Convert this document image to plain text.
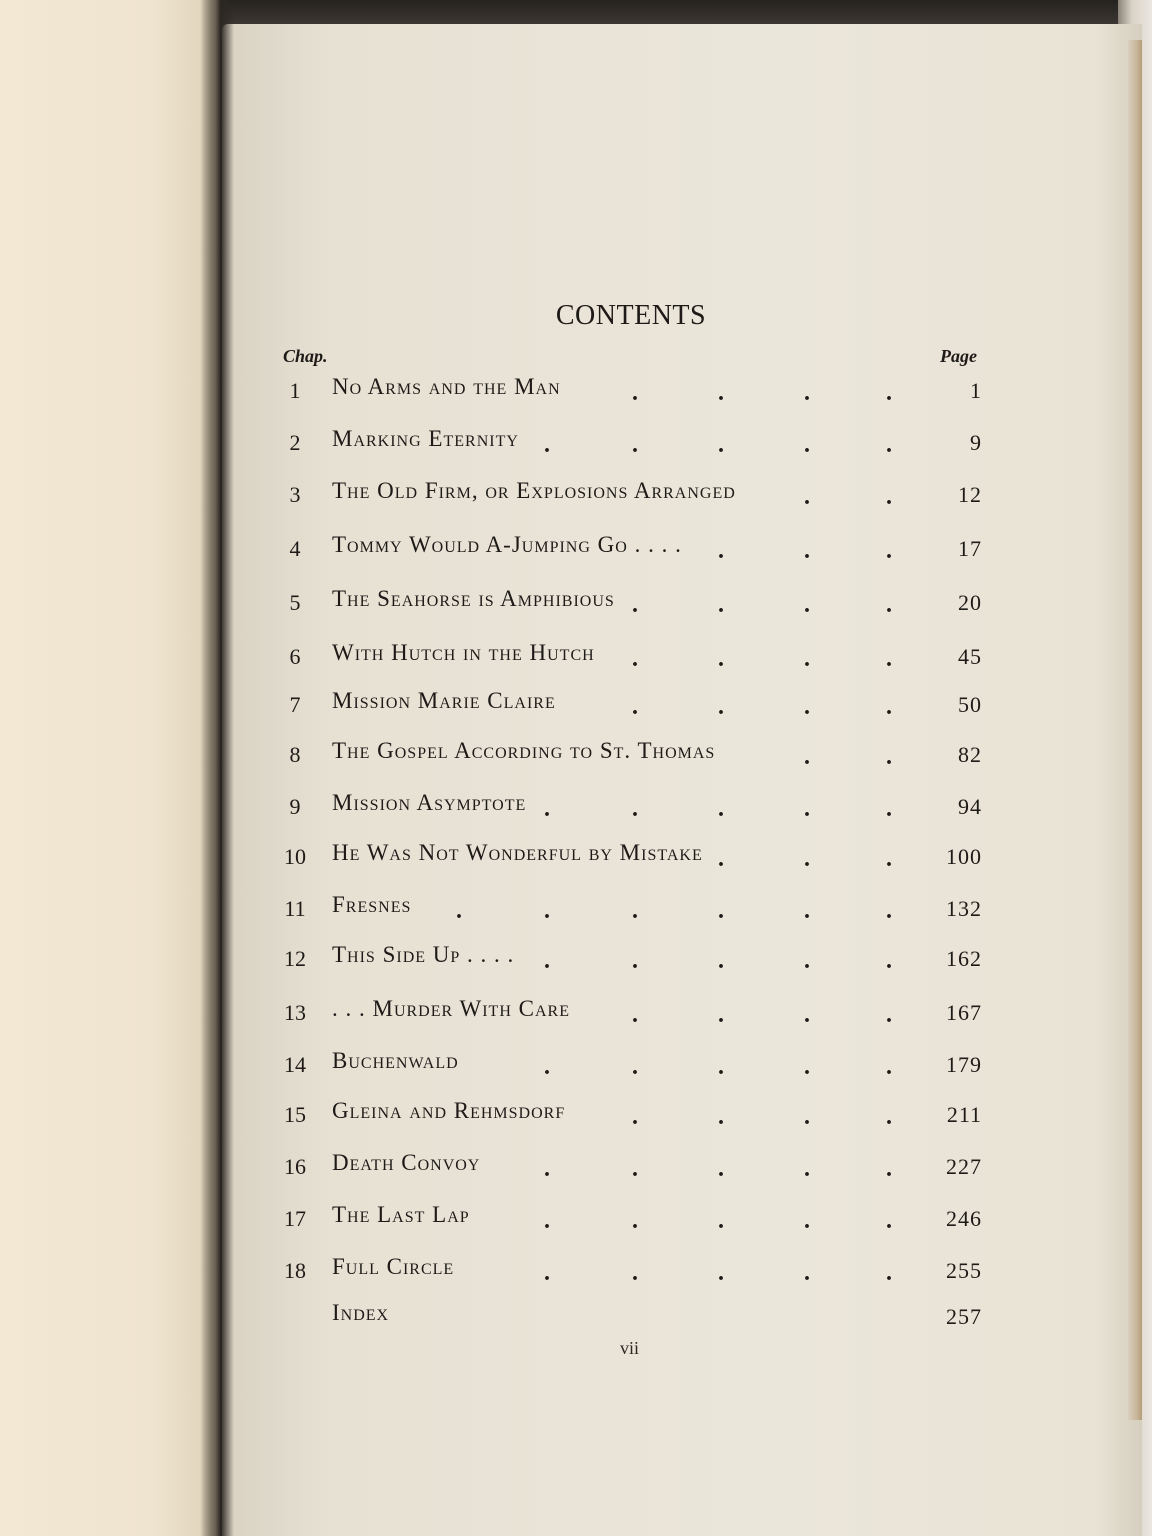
CONTENTS
Chap.	Page
1	No Arms and the Man	.	.	.	.	1
2	Marking Eternity .	.	.	.	.	9
3	The Old Firm, or Explosions Arranged	.	.	12
4	Tommy Would A-Jumping Go . . . . .	.	.	17
5	The Seahorse is Amphibious .	.	.	.	20
6	With Hutch in the Hutch .	.	.	.	45
7	Mission Marie Claire	.	.	.	.	50
8	The Gospel According to St. Thomas	.	.	82
9	Mission Asymptote .	.	.	.	.	94
10	He Was Not Wonderful by Mistake .	.	. 100
11	Fresnes .	.	.	.	.	. 132
12	This Side Up . . . . .	.	.	.	. 162
13	. . . Murder With Care	.	.	.	. 167
14	Buchenwald	.	.	.	.	. 179
15	Gleina and Rehmsdorf	.	.	.	. 211
16	Death Convoy	.	.	.	.	. 227
17	The Last Lap	.	.	.	.	. 246
18	Full Circle	.	.	.	.	. 255
Index	257
vii
